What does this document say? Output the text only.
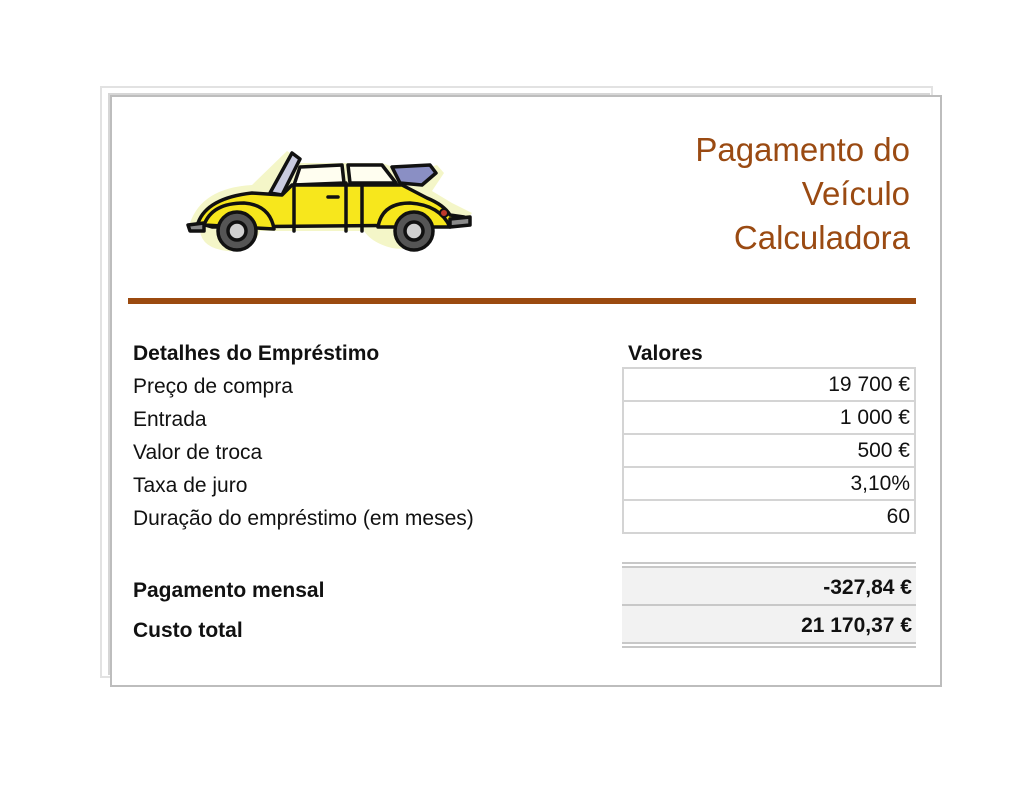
Pagamento do
Veículo
Calculadora
Detalhes do Empréstimo
Preço de compra
Entrada
Valor de troca
Taxa de juro
Duração do empréstimo (em meses)
Valores
19 700 €
1 000 €
500 €
3,10%
60
Pagamento mensal
Custo total
-327,84 €
21 170,37 €
